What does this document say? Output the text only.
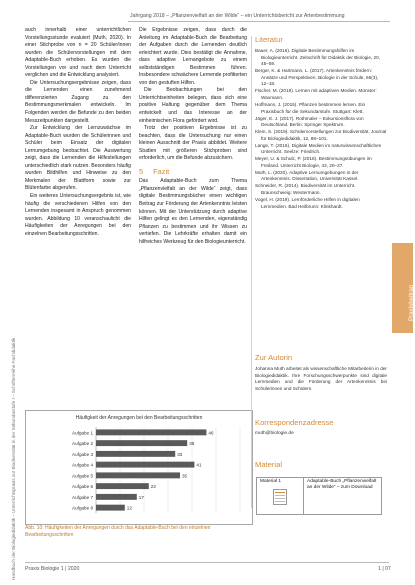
Jahrgang 2018 – „Pflanzenvielfalt an der Wilde“ – ein Unterrichtsbericht zur Artenbestimmung
Handbuch der Biologiedidaktik – Unterrichtspraxis zur Biodiversität in der Sekundarstufe I – Schriftenreihe Fachdidaktik

auch innerhalb einer unterrichtlichen Vorstellungsstunde evaluiert (Muth, 2020). In einer Stichprobe von n = 20 Schüler/innen wurden die Schülervorstellungen mit dem Adaptable-Buch erhoben. Es wurden die Vorstellungen vor und nach dem Unterricht verglichen und die Entwicklung analysiert.

Die Untersuchungsergebnisse zeigen, dass die Lernenden einen zunehmend differenzierten Zugang zu den Bestimmungsmerkmalen entwickeln. Im Folgenden werden die Befunde zu den beiden Messzeitpunkten dargestellt.

Zur Entwicklung der Lernzuwächse im Adaptable-Buch wurden die Schülerinnen und Schüler beim Einsatz der digitalen Lernumgebung beobachtet. Die Auswertung zeigt, dass die Lernenden die Hilfestellungen unterschiedlich stark nutzen. Besonders häufig wurden Bildhilfen und Hinweise zu den Merkmalen der Blattform sowie zur Blütenfarbe abgerufen.

Ein weiteres Untersuchungsergebnis ist, wie häufig die verschiedenen Hilfen von den Lernenden insgesamt in Anspruch genommen wurden. Abbildung 10 veranschaulicht die Häufigkeiten der Anregungen bei den einzelnen Bearbeitungsschritten.

Die Ergebnisse zeigen, dass durch die Anleitung im Adaptable-Buch die Bearbeitung der Aufgaben durch die Lernenden deutlich erleichtert wurde. Dies bestätigt die Annahme, dass adaptive Lernangebote zu einem selbstständigen Bestimmen führen. Insbesondere schwächere Lernende profitierten von den gestuften Hilfen.

Die Beobachtungen bei den Unterrichtseinheiten belegen, dass sich eine positive Haltung gegenüber dem Thema entwickelt und das Interesse an der einheimischen Flora gefördert wird.

Trotz der positiven Ergebnisse ist zu beachten, dass die Untersuchung nur einen kleinen Ausschnitt der Praxis abbildet. Weitere Studien mit größeren Stichproben sind erforderlich, um die Befunde abzusichern.

5 Fazit

Das Adaptable-Buch zum Thema „Pflanzenvielfalt an der Wilde“ zeigt, dass digitale Bestimmungsbücher einen wichtigen Beitrag zur Förderung der Artenkenntnis leisten können. Mit der Unterstützung durch adaptive Hilfen gelingt es den Lernenden, eigenständig Pflanzen zu bestimmen und ihr Wissen zu vertiefen. Die Lehrkräfte erhalten damit ein hilfreiches Werkzeug für den Biologieunterricht.

Aufgabe 1	46
Aufgabe 2	38
Aufgabe 3	33
Aufgabe 4	41
Aufgabe 5	35
Aufgabe 6	22
Aufgabe 7	17
Aufgabe 8	12
Häufigkeit der Anregungen bei den Bearbeitungsschritten
Abb. 10: Häufigkeiten der Anregungen durch das Adaptable-Buch bei den einzelnen Bearbeitungsschritten
Literatur
Bauer, A. (2016). Digitale Bestimmungshilfen im Biologieunterricht. Zeitschrift für Didaktik der Biologie, 20, 45–59.
Berger, K. & Hartmann, L. (2017). Artenkenntnis fördern: Ansätze und Perspektiven. Biologie in der Schule, 66(3), 12–18.
Fischer, M. (2018). Lernen mit adaptiven Medien. Münster: Waxmann.
Hoffmann, J. (2015). Pflanzen bestimmen lernen. Ein Praxisbuch für die Sekundarstufe. Stuttgart: Klett.
Jäger, E. J. (2017). Rothmaler – Exkursionsflora von Deutschland. Berlin: Springer Spektrum.
Klein, S. (2019). Schülervorstellungen zur Biodiversität. Journal für Biologiedidaktik, 12, 88–101.
Lange, T. (2016). Digitale Medien im naturwissenschaftlichen Unterricht. Seelze: Friedrich.
Meyer, U. & Schulz, P. (2018). Bestimmungsübungen im Freiland. Unterricht Biologie, 43, 20–27.
Muth, L. (2020). Adaptive Lernumgebungen in der Artenkenntnis. Dissertation, Universität Kassel.
Schneider, R. (2014). Biodiversität im Unterricht. Braunschweig: Westermann.
Vogel, H. (2019). Lernförderliche Hilfen in digitalen Lernmedien. Bad Heilbrunn: Klinkhardt.
Zur Autorin
Johanna Muth arbeitet als wissenschaftliche Mitarbeiterin in der Biologiedidaktik. Ihre Forschungsschwerpunkte sind digitale Lernmedien und die Förderung der Artenkenntnis bei Schülerinnen und Schülern.
Korrespondenzadresse
muth@biologie.de
Material
Material 1	Adaptable-Buch „Pflanzenvielfalt an der Wilde“ – zum Download
Praxisbeitrag
Praxis Biologie 1 | 2020	1 | 07
